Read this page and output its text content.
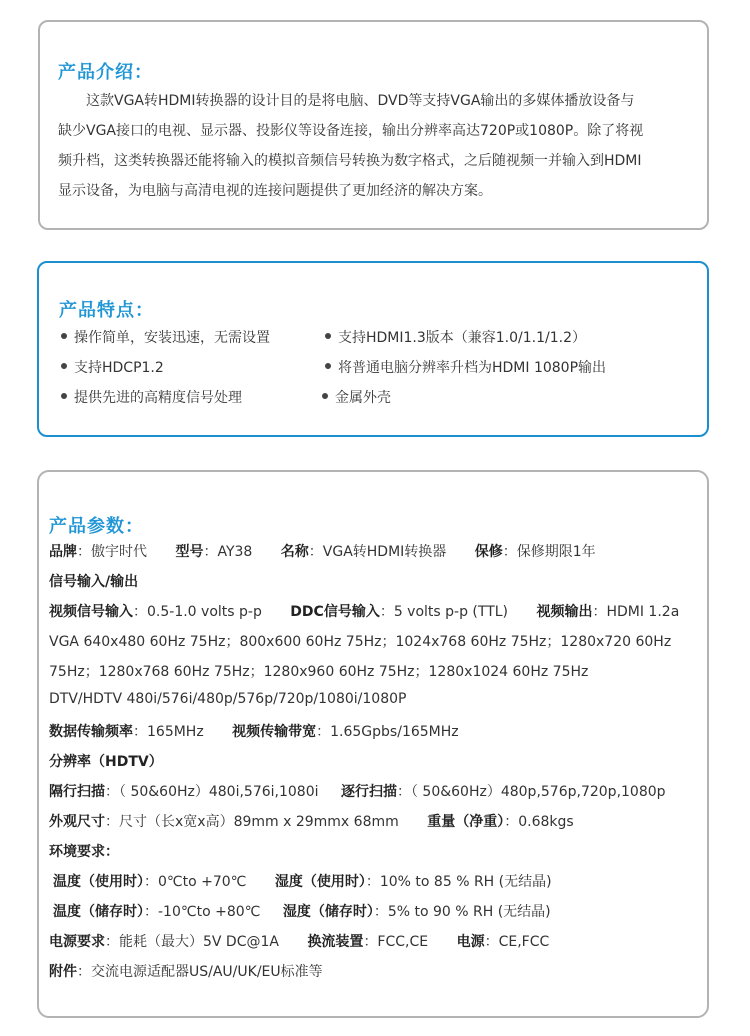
产品介绍：
这款VGA转HDMI转换器的设计目的是将电脑、DVD等支持VGA输出的多媒体播放设备与
缺少VGA接口的电视、显示器、投影仪等设备连接，输出分辨率高达720P或1080P。除了将视
频升档，这类转换器还能将输入的模拟音频信号转换为数字格式，之后随视频一并输入到HDMI
显示设备，为电脑与高清电视的连接问题提供了更加经济的解决方案。
产品特点：
操作简单，安装迅速，无需设置
支持HDCP1.2
提供先进的高精度信号处理
支持HDMI1.3版本（兼容1.0/1.1/1.2）
将普通电脑分辨率升档为HDMI 1080P输出
金属外壳
产品参数：
品牌：傲宇时代 型号：AY38 名称：VGA转HDMI转换器 保修：保修期限1年
信号输入/输出
视频信号输入：0.5-1.0 volts p-p DDC信号输入：5 volts p-p (TTL) 视频输出：HDMI 1.2a
VGA 640x480 60Hz 75Hz；800x600 60Hz 75Hz；1024x768 60Hz 75Hz；1280x720 60Hz
75Hz；1280x768 60Hz 75Hz；1280x960 60Hz 75Hz；1280x1024 60Hz 75Hz
DTV/HDTV 480i/576i/480p/576p/720p/1080i/1080P
数据传输频率：165MHz 视频传输带宽：1.65Gpbs/165MHz
分辨率（HDTV）
隔行扫描：（ 50&60Hz）480i,576i,1080i 逐行扫描：（ 50&60Hz）480p,576p,720p,1080p
外观尺寸：尺寸（长x宽x高）89mm x 29mmx 68mm 重量（净重）：0.68kgs
环境要求：
温度（使用时）：0℃to +70℃ 湿度（使用时）：10% to 85 % RH (无结晶)
温度（储存时）：-10℃to +80℃ 湿度（储存时）：5% to 90 % RH (无结晶)
电源要求：能耗（最大）5V DC@1A 换流装置：FCC,CE 电源：CE,FCC
附件：交流电源适配器US/AU/UK/EU标准等
